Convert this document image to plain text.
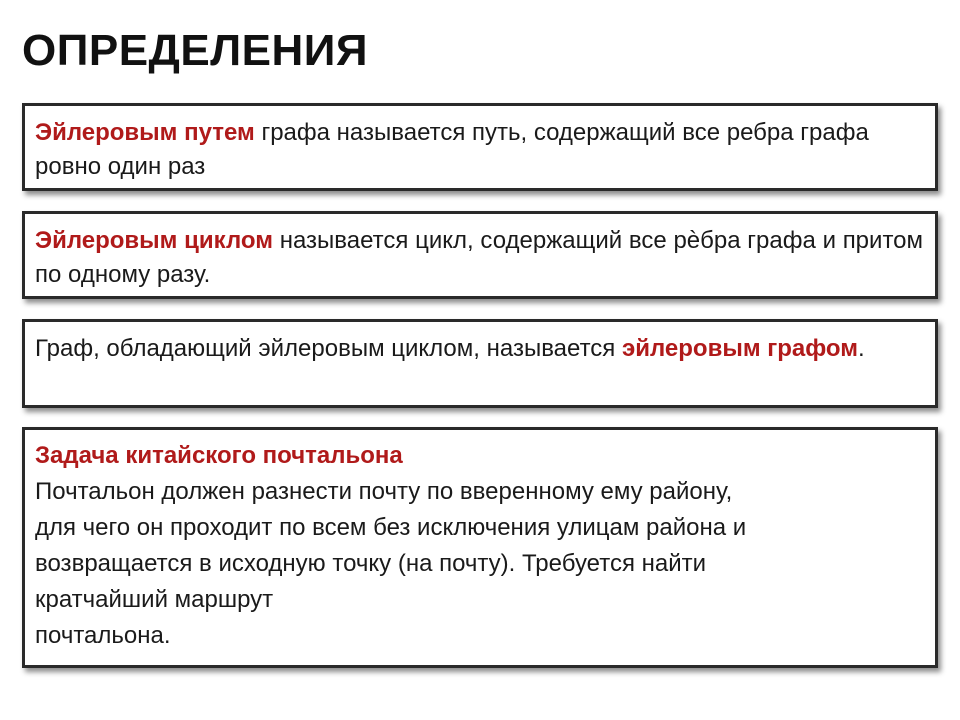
ОПРЕДЕЛЕНИЯ

Эйлеровым путем графа называется путь, содержащий все ребра графа ровно один раз

Эйлеровым циклом называется цикл, содержащий все рѐбра графа и притом по одному разу.

Граф, обладающий эйлеровым циклом, называется эйлеровым графом.

Задача китайского почтальона
Почтальон должен разнести почту по вверенному ему району,
для чего он проходит по всем без исключения улицам района и
возвращается в исходную точку (на почту). Требуется найти
кратчайший маршрут
почтальона.
